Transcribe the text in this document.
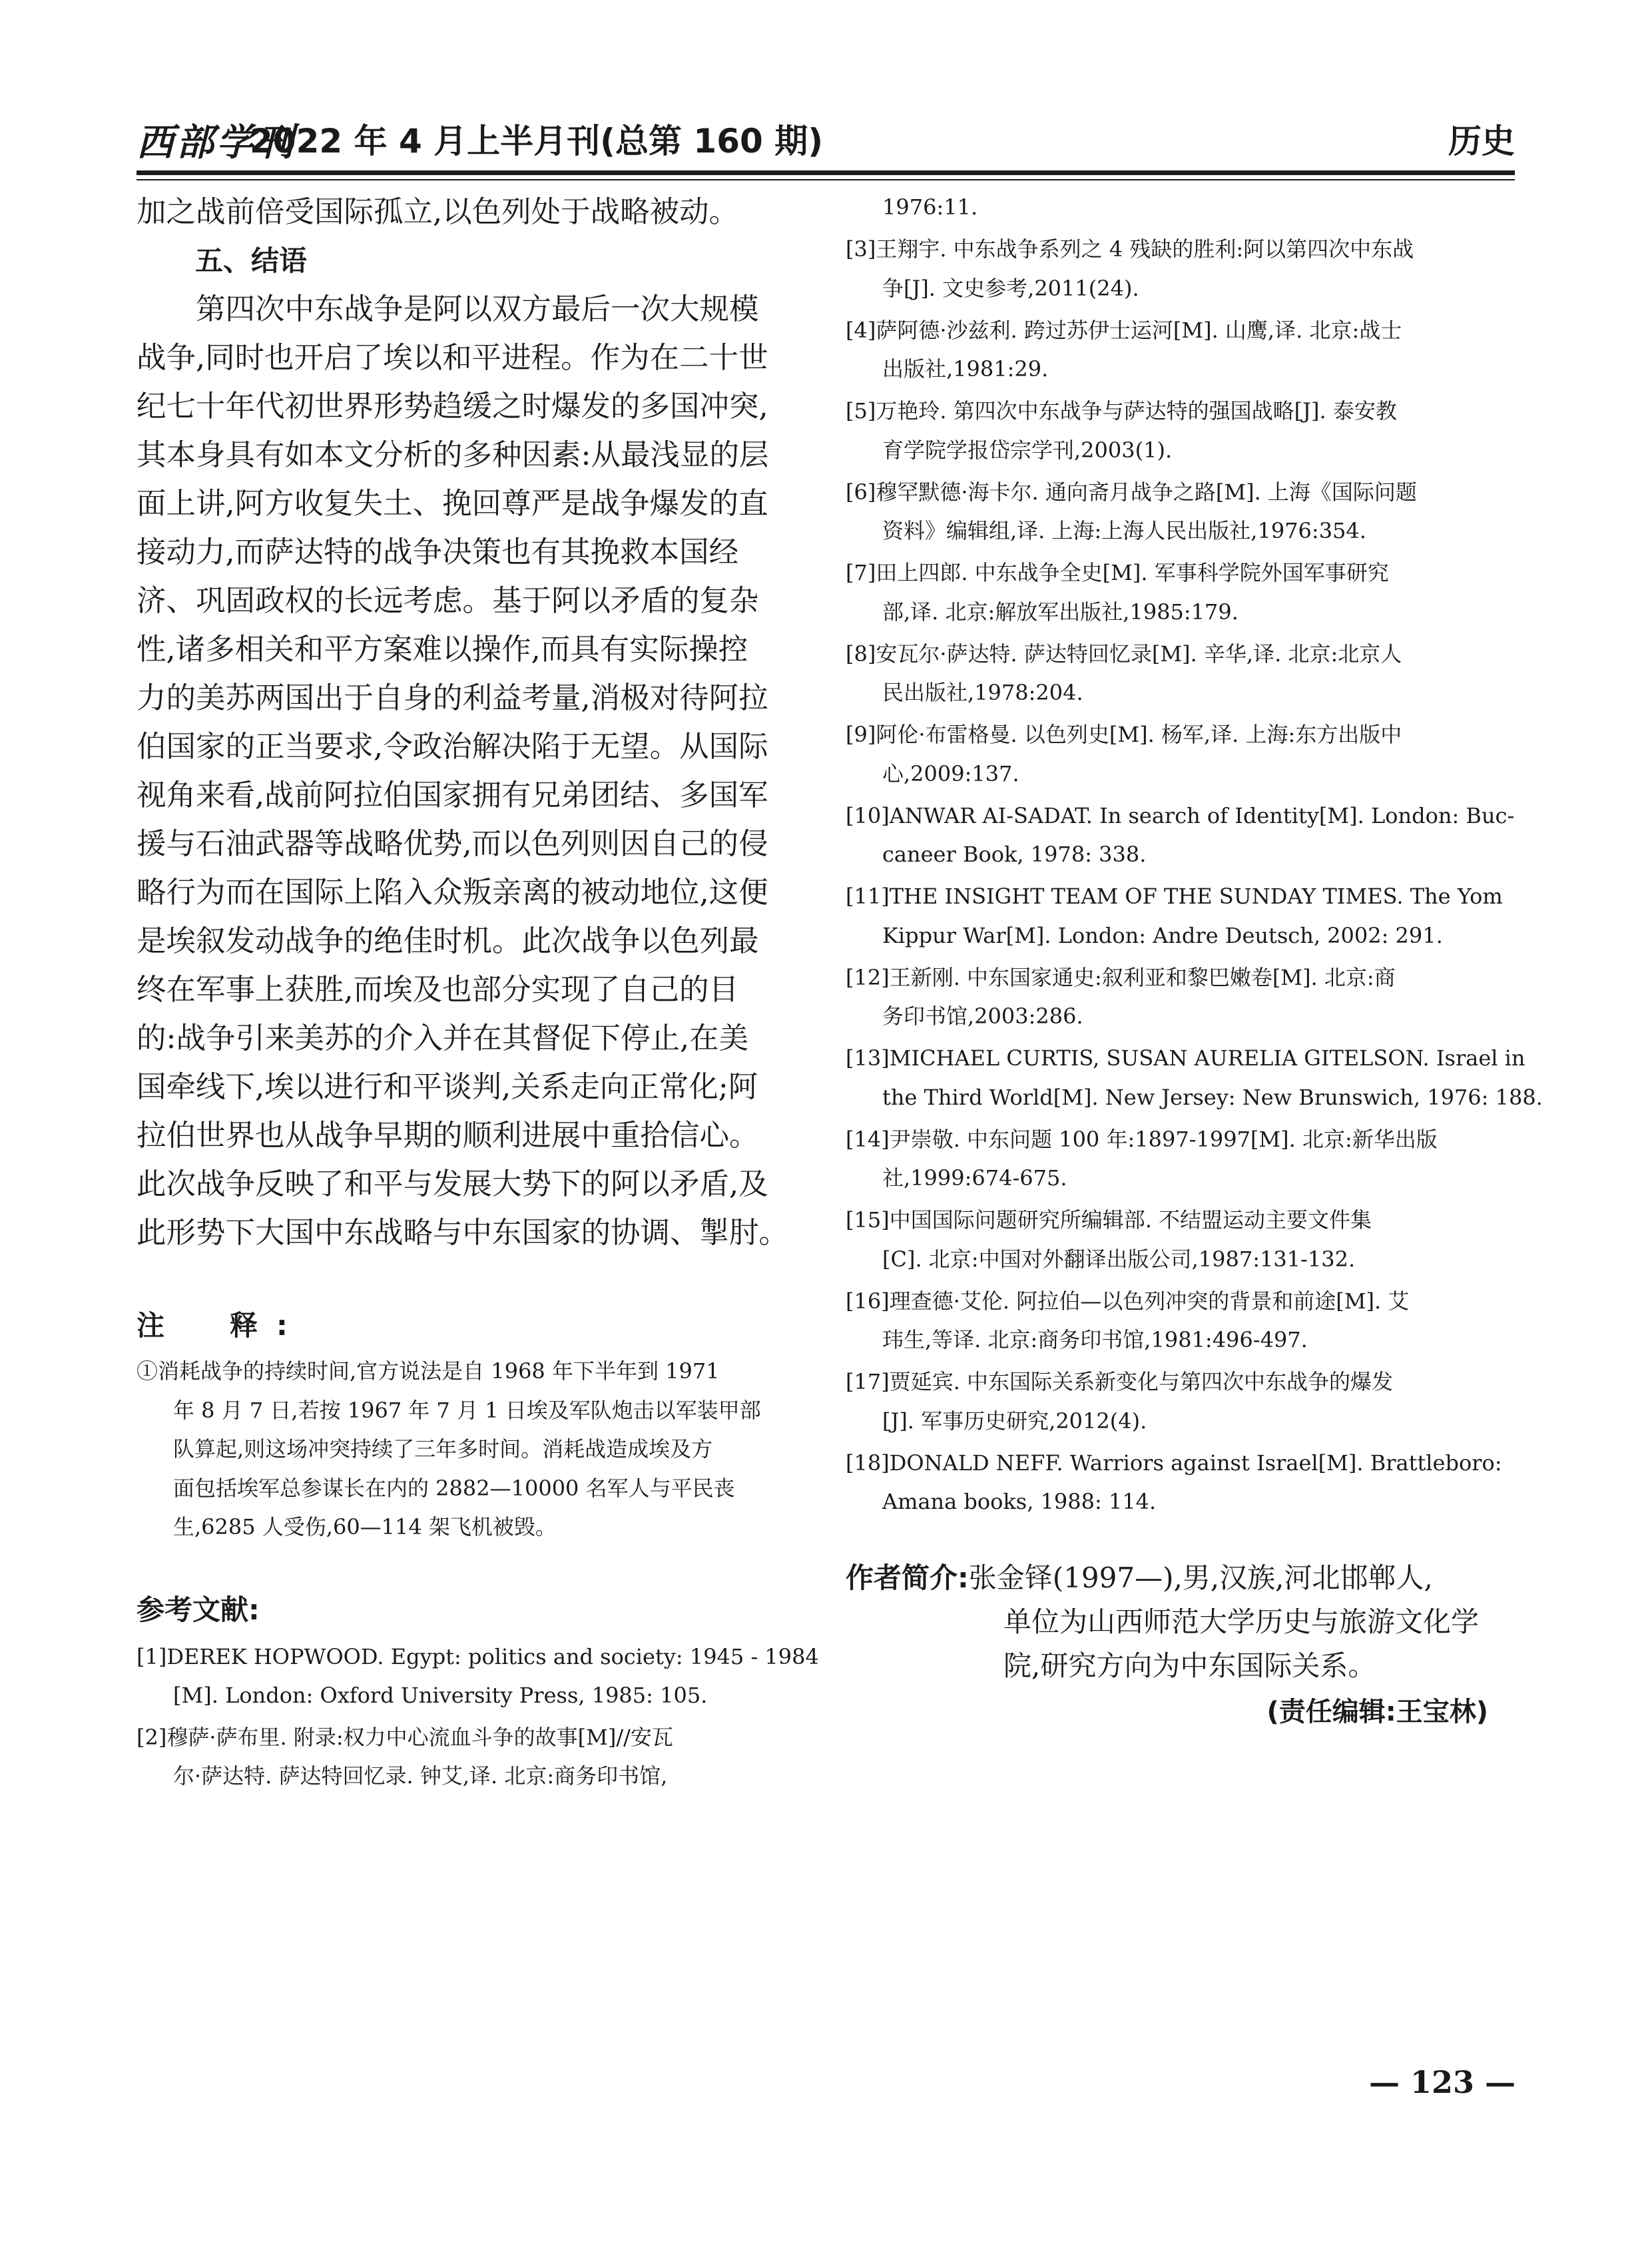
西部学刊
2022 年 4 月上半月刊(总第 160 期)	历史

加之战前倍受国际孤立,以色列处于战略被动。

五、结语

　　第四次中东战争是阿以双方最后一次大规模
战争,同时也开启了埃以和平进程。作为在二十世
纪七十年代初世界形势趋缓之时爆发的多国冲突,
其本身具有如本文分析的多种因素:从最浅显的层
面上讲,阿方收复失土、挽回尊严是战争爆发的直
接动力,而萨达特的战争决策也有其挽救本国经
济、巩固政权的长远考虑。基于阿以矛盾的复杂
性,诸多相关和平方案难以操作,而具有实际操控
力的美苏两国出于自身的利益考量,消极对待阿拉
伯国家的正当要求,令政治解决陷于无望。从国际
视角来看,战前阿拉伯国家拥有兄弟团结、多国军
援与石油武器等战略优势,而以色列则因自己的侵
略行为而在国际上陷入众叛亲离的被动地位,这便
是埃叙发动战争的绝佳时机。此次战争以色列最
终在军事上获胜,而埃及也部分实现了自己的目
的:战争引来美苏的介入并在其督促下停止,在美
国牵线下,埃以进行和平谈判,关系走向正常化;阿
拉伯世界也从战争早期的顺利进展中重拾信心。
此次战争反映了和平与发展大势下的阿以矛盾,及
此形势下大国中东战略与中东国家的协调、掣肘。

注　释:
①消耗战争的持续时间,官方说法是自 1968 年下半年到 1971
年 8 月 7 日,若按 1967 年 7 月 1 日埃及军队炮击以军装甲部
队算起,则这场冲突持续了三年多时间。消耗战造成埃及方
面包括埃军总参谋长在内的 2882—10000 名军人与平民丧
生,6285 人受伤,60—114 架飞机被毁。
参考文献:
[1]DEREK HOPWOOD. Egypt: politics and society: 1945 - 1984
[M]. London: Oxford University Press, 1985: 105.
[2]穆萨·萨布里. 附录:权力中心流血斗争的故事[M]//安瓦
尔·萨达特. 萨达特回忆录. 钟艾,译. 北京:商务印书馆,
1976:11.
[3]王翔宇. 中东战争系列之 4 残缺的胜利:阿以第四次中东战
争[J]. 文史参考,2011(24).
[4]萨阿德·沙兹利. 跨过苏伊士运河[M]. 山鹰,译. 北京:战士
出版社,1981:29.
[5]万艳玲. 第四次中东战争与萨达特的强国战略[J]. 泰安教
育学院学报岱宗学刊,2003(1).
[6]穆罕默德·海卡尔. 通向斋月战争之路[M]. 上海《国际问题
资料》编辑组,译. 上海:上海人民出版社,1976:354.
[7]田上四郎. 中东战争全史[M]. 军事科学院外国军事研究
部,译. 北京:解放军出版社,1985:179.
[8]安瓦尔·萨达特. 萨达特回忆录[M]. 辛华,译. 北京:北京人
民出版社,1978:204.
[9]阿伦·布雷格曼. 以色列史[M]. 杨军,译. 上海:东方出版中
心,2009:137.
[10]ANWAR AI-SADAT. In search of Identity[M]. London: Buc-
caneer Book, 1978: 338.
[11]THE INSIGHT TEAM OF THE SUNDAY TIMES. The Yom
Kippur War[M]. London: Andre Deutsch, 2002: 291.
[12]王新刚. 中东国家通史:叙利亚和黎巴嫩卷[M]. 北京:商
务印书馆,2003:286.
[13]MICHAEL CURTIS, SUSAN AURELIA GITELSON. Israel in
the Third World[M]. New Jersey: New Brunswich, 1976: 188.
[14]尹崇敬. 中东问题 100 年:1897-1997[M]. 北京:新华出版
社,1999:674-675.
[15]中国国际问题研究所编辑部. 不结盟运动主要文件集
[C]. 北京:中国对外翻译出版公司,1987:131-132.
[16]理查德·艾伦. 阿拉伯—以色列冲突的背景和前途[M]. 艾
玮生,等译. 北京:商务印书馆,1981:496-497.
[17]贾延宾. 中东国际关系新变化与第四次中东战争的爆发
[J]. 军事历史研究,2012(4).
[18]DONALD NEFF. Warriors against Israel[M]. Brattleboro:
Amana books, 1988: 114.
作者简介:张金铎(1997—),男,汉族,河北邯郸人,
单位为山西师范大学历史与旅游文化学
院,研究方向为中东国际关系。
(责任编辑:王宝林)
— 123 —
